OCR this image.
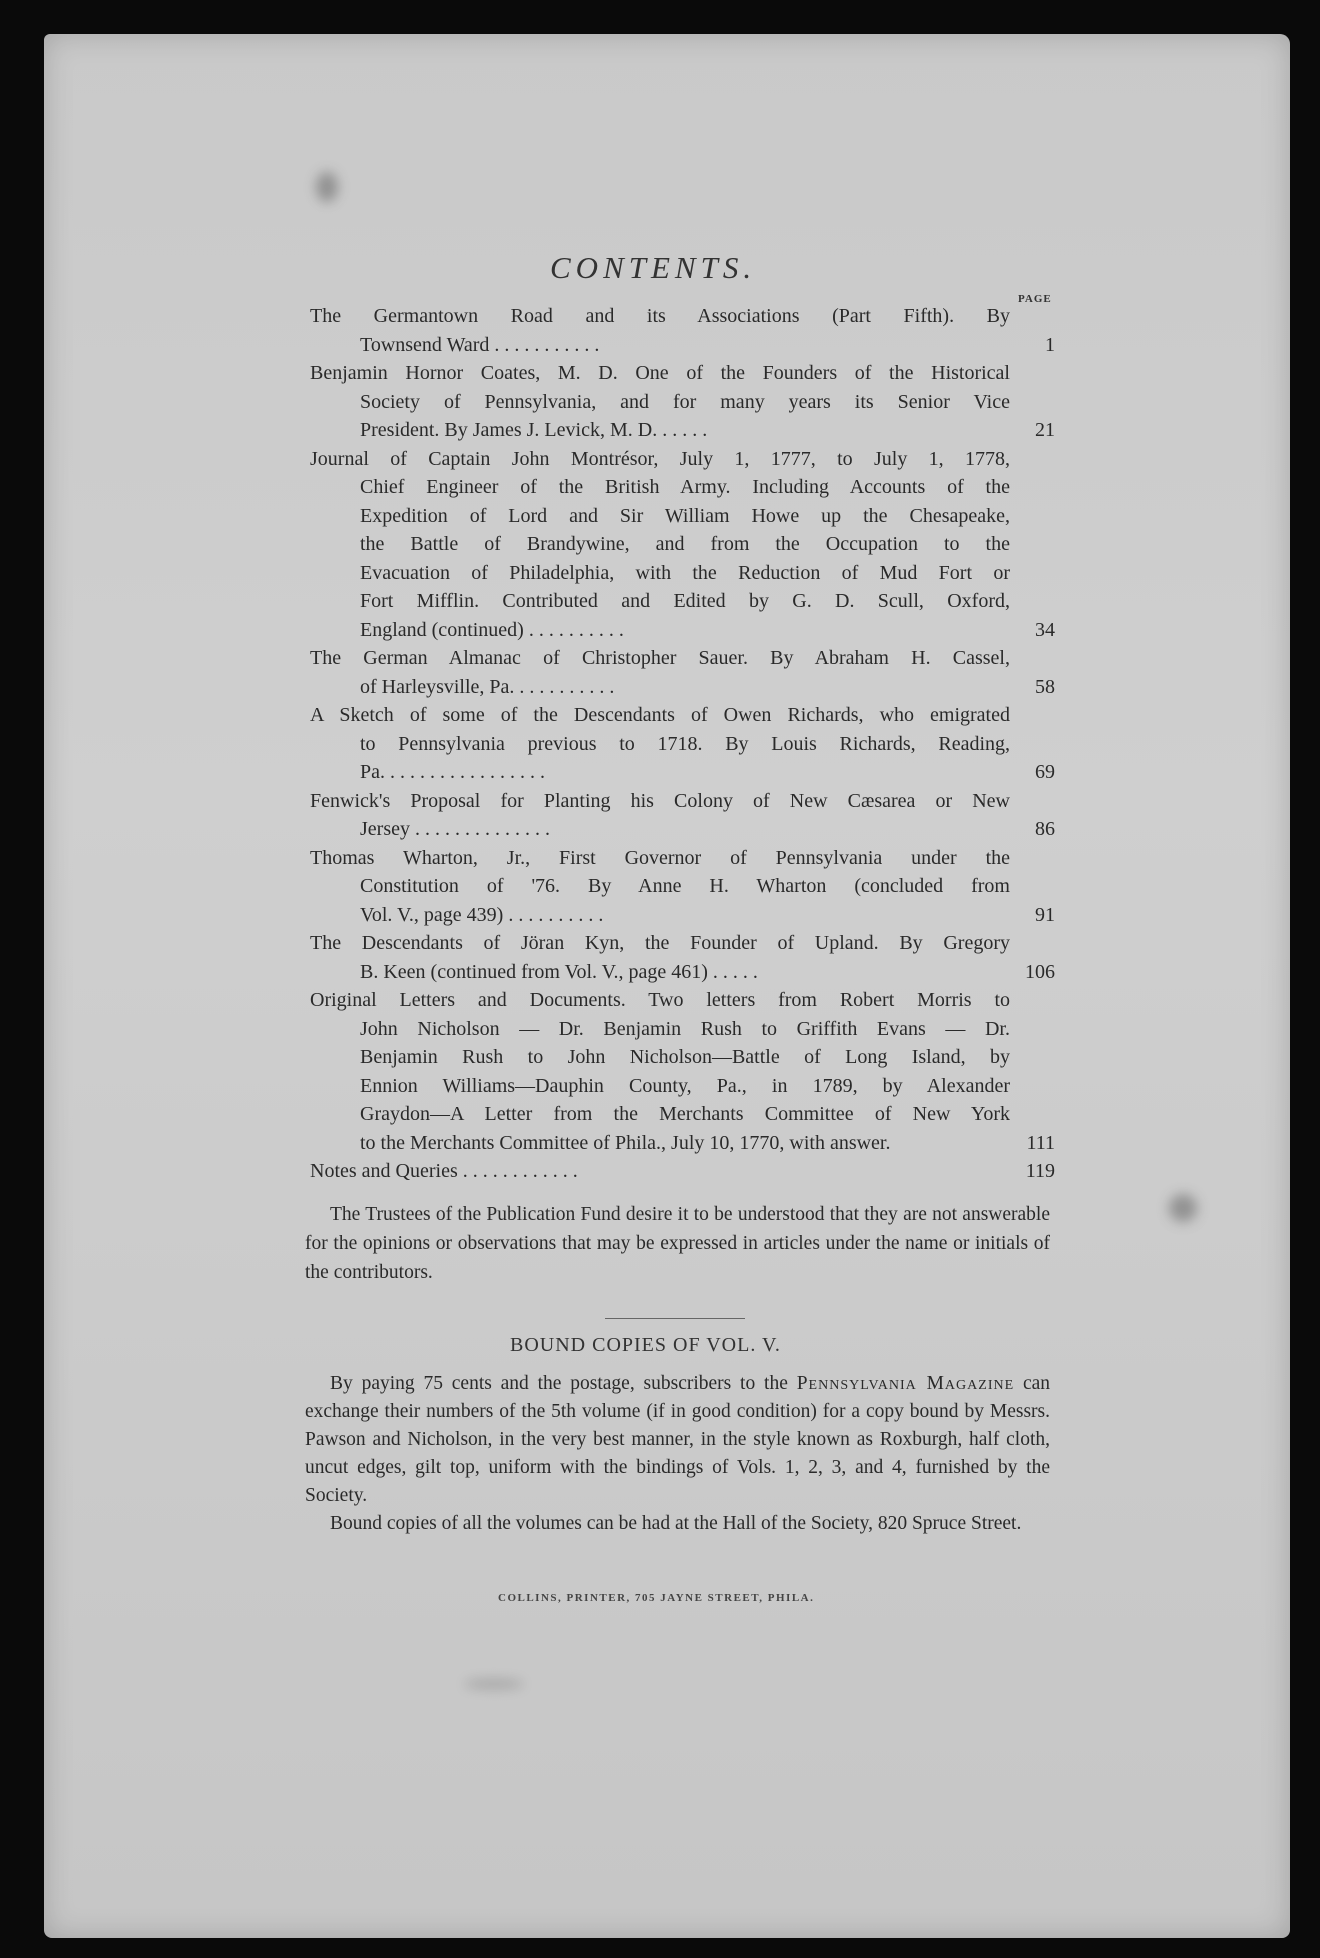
CONTENTS.
PAGE
The Germantown Road and its Associations (Part Fifth). By
Townsend Ward . . . . . . . . . . .	1
Benjamin Hornor Coates, M. D. One of the Founders of the Historical
Society of Pennsylvania, and for many years its Senior Vice
President. By James J. Levick, M. D. . . . . .	21
Journal of Captain John Montrésor, July 1, 1777, to July 1, 1778,
Chief Engineer of the British Army. Including Accounts of the
Expedition of Lord and Sir William Howe up the Chesapeake,
the Battle of Brandywine, and from the Occupation to the
Evacuation of Philadelphia, with the Reduction of Mud Fort or
Fort Mifflin. Contributed and Edited by G. D. Scull, Oxford,
England (continued) . . . . . . . . . .	34
The German Almanac of Christopher Sauer. By Abraham H. Cassel,
of Harleysville, Pa. . . . . . . . . . .	58
A Sketch of some of the Descendants of Owen Richards, who emigrated
to Pennsylvania previous to 1718. By Louis Richards, Reading,
Pa. . . . . . . . . . . . . . . . .	69
Fenwick's Proposal for Planting his Colony of New Cæsarea or New
Jersey . . . . . . . . . . . . . .	86
Thomas Wharton, Jr., First Governor of Pennsylvania under the
Constitution of '76. By Anne H. Wharton (concluded from
Vol. V., page 439) . . . . . . . . . .	91
The Descendants of Jöran Kyn, the Founder of Upland. By Gregory
B. Keen (continued from Vol. V., page 461) . . . . .	106
Original Letters and Documents. Two letters from Robert Morris to
John Nicholson — Dr. Benjamin Rush to Griffith Evans — Dr.
Benjamin Rush to John Nicholson—Battle of Long Island, by
Ennion Williams—Dauphin County, Pa., in 1789, by Alexander
Graydon—A Letter from the Merchants Committee of New York
to the Merchants Committee of Phila., July 10, 1770, with answer.	111
Notes and Queries . . . . . . . . . . . .	119
The Trustees of the Publication Fund desire it to be understood that they are not answerable for the opinions or observations that may be expressed in articles under the name or initials of the contributors.
BOUND COPIES OF VOL. V.

By paying 75 cents and the postage, subscribers to the Pennsylvania Magazine can exchange their numbers of the 5th volume (if in good condition) for a copy bound by Messrs. Pawson and Nicholson, in the very best manner, in the style known as Roxburgh, half cloth, uncut edges, gilt top, uniform with the bindings of Vols. 1, 2, 3, and 4, furnished by the Society.

Bound copies of all the volumes can be had at the Hall of the Society, 820 Spruce Street.

COLLINS, PRINTER, 705 JAYNE STREET, PHILA.
